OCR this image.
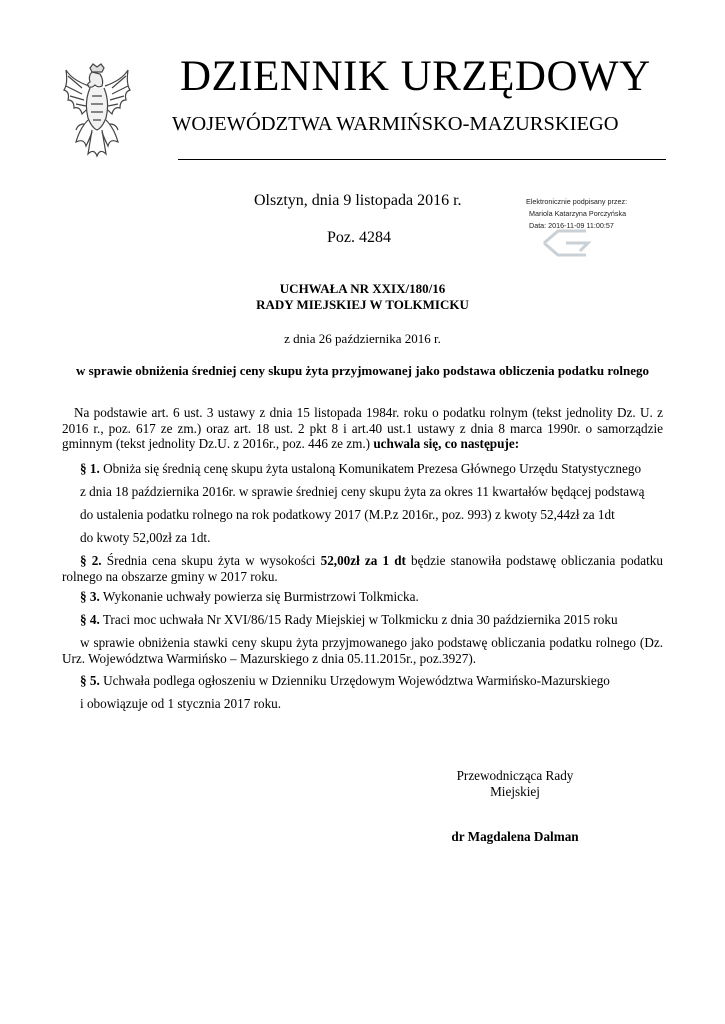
DZIENNIK URZĘDOWY
WOJEWÓDZTWA WARMIŃSKO-MAZURSKIEGO
Olsztyn, dnia 9 listopada 2016 r.
Poz. 4284
Elektronicznie podpisany przez:
Mariola Katarzyna Porczyńska
Data: 2016-11-09 11:00:57
UCHWAŁA NR XXIX/180/16
RADY MIEJSKIEJ W TOLKMICKU
z dnia 26 października 2016 r.
w sprawie obniżenia średniej ceny skupu żyta przyjmowanej jako podstawa obliczenia podatku rolnego
Na podstawie art. 6 ust. 3 ustawy z dnia 15 listopada 1984r. roku o podatku rolnym (tekst jednolity Dz. U. z 2016 r., poz. 617 ze zm.) oraz art. 18 ust. 2 pkt 8 i art.40 ust.1 ustawy z dnia 8 marca 1990r. o samorządzie gminnym (tekst jednolity Dz.U. z 2016r., poz. 446 ze zm.) uchwala się, co następuje:
§ 1. Obniża się średnią cenę skupu żyta ustaloną Komunikatem Prezesa Głównego Urzędu Statystycznego
z dnia 18 października 2016r. w sprawie średniej ceny skupu żyta za okres 11 kwartałów będącej podstawą
do ustalenia podatku rolnego na rok podatkowy 2017 (M.P.z 2016r., poz. 993) z kwoty 52,44zł za 1dt
do kwoty 52,00zł za 1dt.
§ 2. Średnia cena skupu żyta w wysokości 52,00zł za 1 dt będzie stanowiła podstawę obliczania podatku rolnego na obszarze gminy w 2017 roku.
§ 3. Wykonanie uchwały powierza się Burmistrzowi Tolkmicka.
§ 4. Traci moc uchwała Nr XVI/86/15 Rady Miejskiej w Tolkmicku z dnia 30 października 2015 roku
w sprawie obniżenia stawki ceny skupu żyta przyjmowanego jako podstawę obliczania podatku rolnego (Dz. Urz. Województwa Warmińsko – Mazurskiego z dnia 05.11.2015r., poz.3927).
§ 5. Uchwała podlega ogłoszeniu w Dzienniku Urzędowym Województwa Warmińsko-Mazurskiego
i obowiązuje od 1 stycznia 2017 roku.
Przewodnicząca Rady
Miejskiej
dr Magdalena Dalman
